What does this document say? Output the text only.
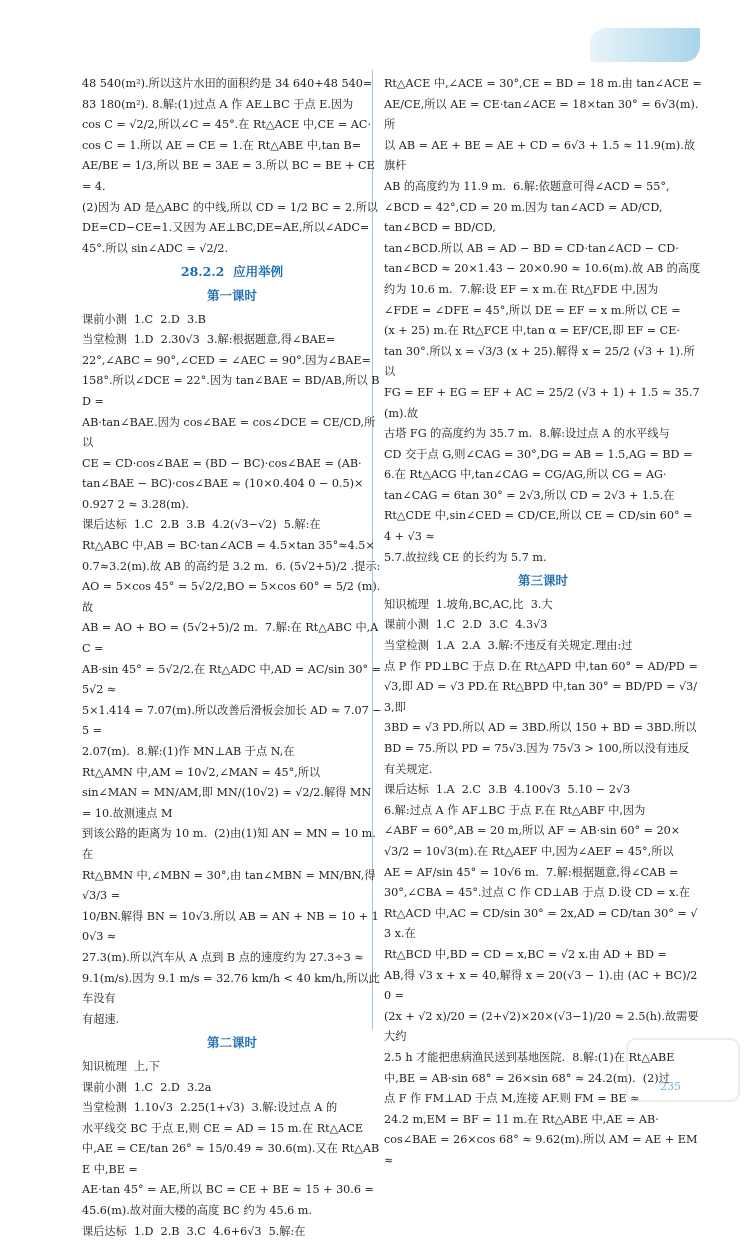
48 540(m²).所以这片水田的面积约是 34 640+48 540=
83 180(m²). 8.解:(1)过点 A 作 AE⊥BC 于点 E.因为
cos C = √2/2,所以∠C = 45°.在 Rt△ACE 中,CE = AC·
cos C = 1.所以 AE = CE = 1.在 Rt△ABE 中,tan B=
AE/BE = 1/3,所以 BE = 3AE = 3.所以 BC = BE + CE = 4.
(2)因为 AD 是△ABC 的中线,所以 CD = 1/2 BC = 2.所以
DE=CD−CE=1.又因为 AE⊥BC,DE=AE,所以∠ADC=
45°.所以 sin∠ADC = √2/2.
28.2.2  应用举例
第一课时
课前小测  1.C  2.D  3.B
当堂检测  1.D  2.30√3  3.解:根据题意,得∠BAE=
22°,∠ABC = 90°,∠CED = ∠AEC = 90°.因为∠BAE=
158°.所以∠DCE = 22°.因为 tan∠BAE = BD/AB,所以 BD =
AB·tan∠BAE.因为 cos∠BAE = cos∠DCE = CE/CD,所以
CE = CD·cos∠BAE = (BD − BC)·cos∠BAE = (AB·
tan∠BAE − BC)·cos∠BAE ≈ (10×0.404 0 − 0.5)×
0.927 2 ≈ 3.28(m).
课后达标  1.C  2.B  3.B  4.2(√3−√2)  5.解:在
Rt△ABC 中,AB = BC·tan∠ACB = 4.5×tan 35°≈4.5×
0.7≈3.2(m).故 AB 的高约是 3.2 m.  6. (5√2+5)/2 .提示:
AO = 5×cos 45° = 5√2/2,BO = 5×cos 60° = 5/2 (m).故
AB = AO + BO = (5√2+5)/2 m.  7.解:在 Rt△ABC 中,AC =
AB·sin 45° = 5√2/2.在 Rt△ADC 中,AD = AC/sin 30° = 5√2 ≈
5×1.414 = 7.07(m).所以改善后滑板会加长 AD ≈ 7.07 − 5 =
2.07(m).  8.解:(1)作 MN⊥AB 于点 N,在
Rt△AMN 中,AM = 10√2,∠MAN = 45°,所以
sin∠MAN = MN/AM,即 MN/(10√2) = √2/2.解得 MN = 10.故测速点 M
到该公路的距离为 10 m.  (2)由(1)知 AN = MN = 10 m.在
Rt△BMN 中,∠MBN = 30°,由 tan∠MBN = MN/BN,得 √3/3 =
10/BN.解得 BN = 10√3.所以 AB = AN + NB = 10 + 10√3 ≈
27.3(m).所以汽车从 A 点到 B 点的速度约为 27.3÷3 ≈
9.1(m/s).因为 9.1 m/s = 32.76 km/h < 40 km/h,所以此车没有
有超速.
第二课时
知识梳理  上,下
课前小测  1.C  2.D  3.2a
当堂检测  1.10√3  2.25(1+√3)  3.解:设过点 A 的
水平线交 BC 于点 E,则 CE = AD = 15 m.在 Rt△ACE
中,AE = CE/tan 26° ≈ 15/0.49 ≈ 30.6(m).又在 Rt△ABE 中,BE =
AE·tan 45° = AE,所以 BC = CE + BE ≈ 15 + 30.6 =
45.6(m).故对面大楼的高度 BC 约为 45.6 m.
课后达标  1.D  2.B  3.C  4.6+6√3  5.解:在
Rt△ACE 中,∠ACE = 30°,CE = BD = 18 m.由 tan∠ACE =
AE/CE,所以 AE = CE·tan∠ACE = 18×tan 30° = 6√3(m).所
以 AB = AE + BE = AE + CD = 6√3 + 1.5 ≈ 11.9(m).故旗杆
AB 的高度约为 11.9 m.  6.解:依题意可得∠ACD = 55°,
∠BCD = 42°,CD = 20 m.因为 tan∠ACD = AD/CD,
tan∠BCD = BD/CD,
tan∠BCD.所以 AB = AD − BD = CD·tan∠ACD − CD·
tan∠BCD ≈ 20×1.43 − 20×0.90 ≈ 10.6(m).故 AB 的高度
约为 10.6 m.  7.解:设 EF = x m.在 Rt△FDE 中,因为
∠FDE = ∠DFE = 45°,所以 DE = EF = x m.所以 CE =
(x + 25) m.在 Rt△FCE 中,tan α = EF/CE,即 EF = CE·
tan 30°.所以 x = √3/3 (x + 25).解得 x = 25/2 (√3 + 1).所以
FG = EF + EG = EF + AC = 25/2 (√3 + 1) + 1.5 ≈ 35.7(m).故
古塔 FG 的高度约为 35.7 m.  8.解:设过点 A 的水平线与
CD 交于点 G,则∠CAG = 30°,DG = AB = 1.5,AG = BD =
6.在 Rt△ACG 中,tan∠CAG = CG/AG,所以 CG = AG·
tan∠CAG = 6tan 30° = 2√3,所以 CD = 2√3 + 1.5.在
Rt△CDE 中,sin∠CED = CD/CE,所以 CE = CD/sin 60° = 4 + √3 ≈
5.7.故拉线 CE 的长约为 5.7 m.
第三课时
知识梳理  1.坡角,BC,AC,比  3.大
课前小测  1.C  2.D  3.C  4.3√3
当堂检测  1.A  2.A  3.解:不违反有关规定.理由:过
点 P 作 PD⊥BC 于点 D.在 Rt△APD 中,tan 60° = AD/PD =
√3,即 AD = √3 PD.在 Rt△BPD 中,tan 30° = BD/PD = √3/3,即
3BD = √3 PD.所以 AD = 3BD.所以 150 + BD = 3BD.所以
BD = 75.所以 PD = 75√3.因为 75√3 > 100,所以没有违反
有关规定.
课后达标  1.A  2.C  3.B  4.100√3  5.10 − 2√3
6.解:过点 A 作 AF⊥BC 于点 F.在 Rt△ABF 中,因为
∠ABF = 60°,AB = 20 m,所以 AF = AB·sin 60° = 20×
√3/2 = 10√3(m).在 Rt△AEF 中,因为∠AEF = 45°,所以
AE = AF/sin 45° = 10√6 m.  7.解:根据题意,得∠CAB =
30°,∠CBA = 45°.过点 C 作 CD⊥AB 于点 D.设 CD = x.在
Rt△ACD 中,AC = CD/sin 30° = 2x,AD = CD/tan 30° = √3 x.在
Rt△BCD 中,BD = CD = x,BC = √2 x.由 AD + BD =
AB,得 √3 x + x = 40,解得 x = 20(√3 − 1).由 (AC + BC)/20 =
(2x + √2 x)/20 = (2+√2)×20×(√3−1)/20 ≈ 2.5(h).故需要大约
2.5 h 才能把患病渔民送到基地医院.  8.解:(1)在 Rt△ABE
中,BE = AB·sin 68° = 26×sin 68° ≈ 24.2(m).  (2)过
点 F 作 FM⊥AD 于点 M,连接 AF.则 FM = BE ≈
24.2 m,EM = BF = 11 m.在 Rt△ABE 中,AE = AB·
cos∠BAE = 26×cos 68° ≈ 9.62(m).所以 AM = AE + EM ≈
235
